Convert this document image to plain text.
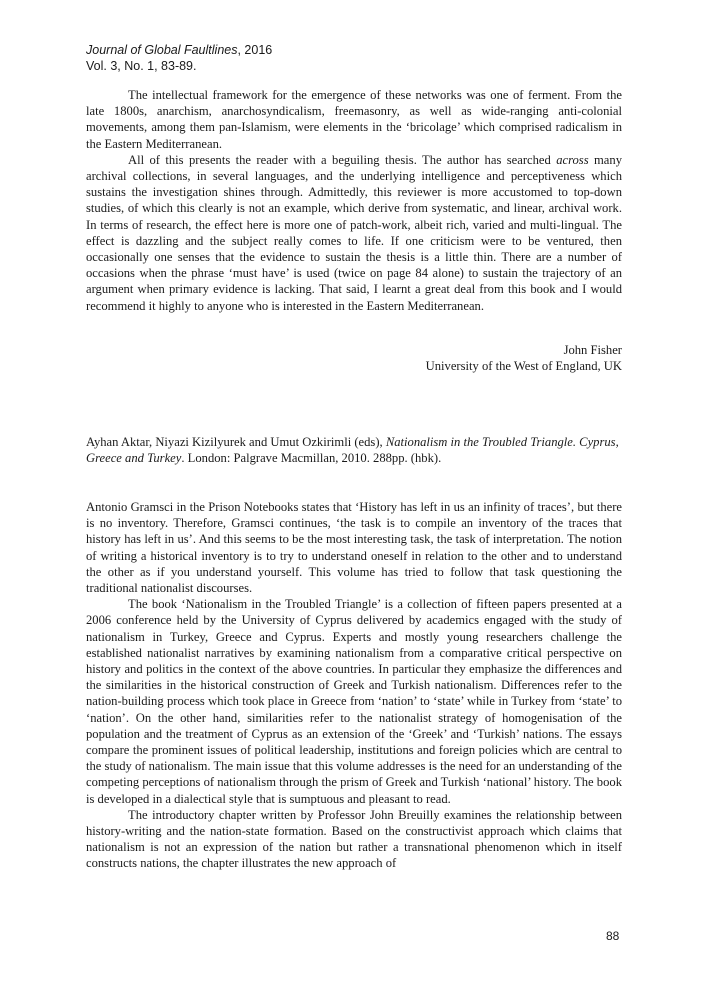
Journal of Global Faultlines, 2016
Vol. 3, No. 1, 83-89.

The intellectual framework for the emergence of these networks was one of ferment. From the late 1800s, anarchism, anarchosyndicalism, freemasonry, as well as wide-ranging anti-colonial movements, among them pan-Islamism, were elements in the ‘bricolage’ which comprised radicalism in the Eastern Mediterranean.

All of this presents the reader with a beguiling thesis. The author has searched across many archival collections, in several languages, and the underlying intelligence and perceptiveness which sustains the investigation shines through. Admittedly, this reviewer is more accustomed to top-down studies, of which this clearly is not an example, which derive from systematic, and linear, archival work. In terms of research, the effect here is more one of patch-work, albeit rich, varied and multi-lingual. The effect is dazzling and the subject really comes to life. If one criticism were to be ventured, then occasionally one senses that the evidence to sustain the thesis is a little thin. There are a number of occasions when the phrase ‘must have’ is used (twice on page 84 alone) to sustain the trajectory of an argument when primary evidence is lacking. That said, I learnt a great deal from this book and I would recommend it highly to anyone who is interested in the Eastern Mediterranean.

John Fisher
University of the West of England, UK
Ayhan Aktar, Niyazi Kizilyurek and Umut Ozkirimli (eds), Nationalism in the Troubled Triangle. Cyprus, Greece and Turkey. London: Palgrave Macmillan, 2010. 288pp. (hbk).

Antonio Gramsci in the Prison Notebooks states that ‘History has left in us an infinity of traces’, but there is no inventory. Therefore, Gramsci continues, ‘the task is to compile an inventory of the traces that history has left in us’. And this seems to be the most interesting task, the task of interpretation. The notion of writing a historical inventory is to try to understand oneself in relation to the other and to understand the other as if you understand yourself. This volume has tried to follow that task questioning the traditional nationalist discourses.

The book ‘Nationalism in the Troubled Triangle’ is a collection of fifteen papers presented at a 2006 conference held by the University of Cyprus delivered by academics engaged with the study of nationalism in Turkey, Greece and Cyprus. Experts and mostly young researchers challenge the established nationalist narratives by examining nationalism from a comparative critical perspective on history and politics in the context of the above countries. In particular they emphasize the differences and the similarities in the historical construction of Greek and Turkish nationalism. Differences refer to the nation-building process which took place in Greece from ‘nation’ to ‘state’ while in Turkey from ‘state’ to ‘nation’. On the other hand, similarities refer to the nationalist strategy of homogenisation of the population and the treatment of Cyprus as an extension of the ‘Greek’ and ‘Turkish’ nations. The essays compare the prominent issues of political leadership, institutions and foreign policies which are central to the study of nationalism. The main issue that this volume addresses is the need for an understanding of the competing perceptions of nationalism through the prism of Greek and Turkish ‘national’ history. The book is developed in a dialectical style that is sumptuous and pleasant to read.

The introductory chapter written by Professor John Breuilly examines the relationship between history-writing and the nation-state formation. Based on the constructivist approach which claims that nationalism is not an expression of the nation but rather a transnational phenomenon which in itself constructs nations, the chapter illustrates the new approach of

88
